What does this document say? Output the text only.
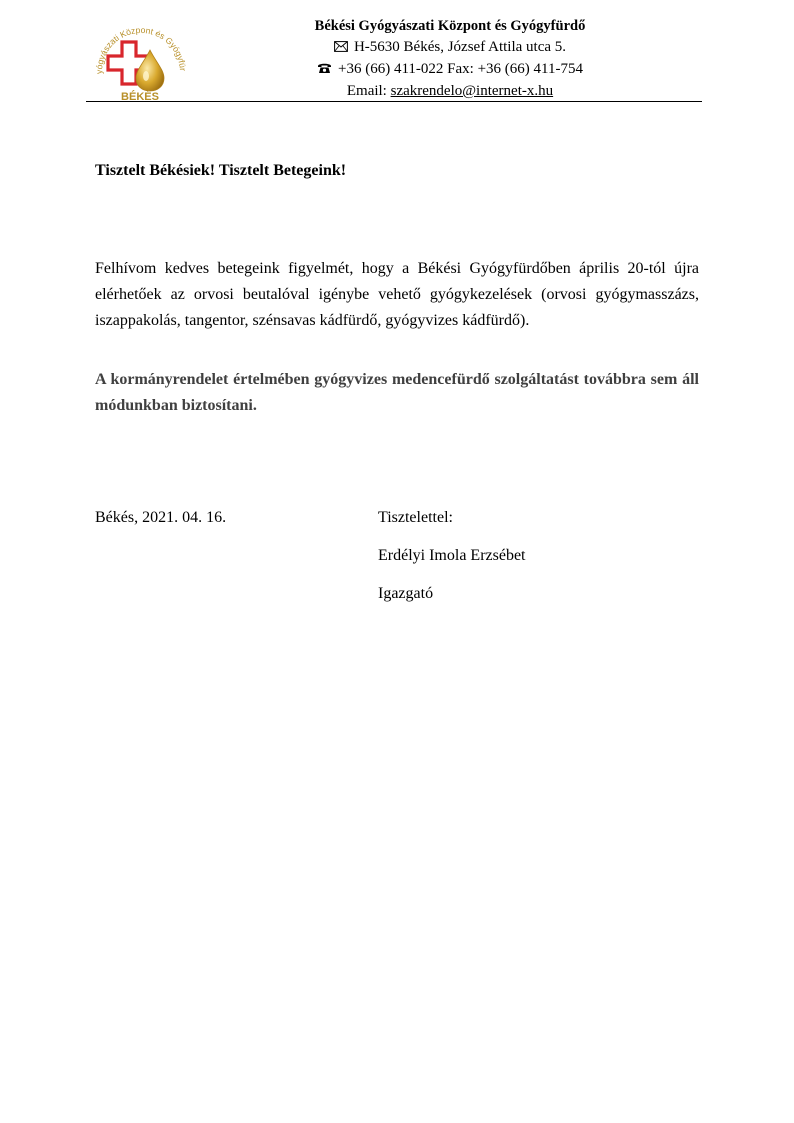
yógyászati Központ és Gyógyfür
BÉKÉS
Békési Gyógyászati Központ és Gyógyfürdő
H-5630 Békés, József Attila utca 5.
+36 (66) 411-022 Fax: +36 (66) 411-754
Email: szakrendelo@internet-x.hu

Tisztelt Békésiek! Tisztelt Betegeink!

Felhívom kedves betegeink figyelmét, hogy a Békési Gyógyfürdőben április 20-tól újra elérhetőek az orvosi beutalóval igénybe vehető gyógykezelések (orvosi gyógymasszázs, iszappakolás, tangentor, szénsavas kádfürdő, gyógyvizes kádfürdő).

A kormányrendelet értelmében gyógyvizes medencefürdő szolgáltatást továbbra sem áll módunkban biztosítani.

Békés, 2021. 04. 16.	Tisztelettel:
Erdélyi Imola Erzsébet
Igazgató
